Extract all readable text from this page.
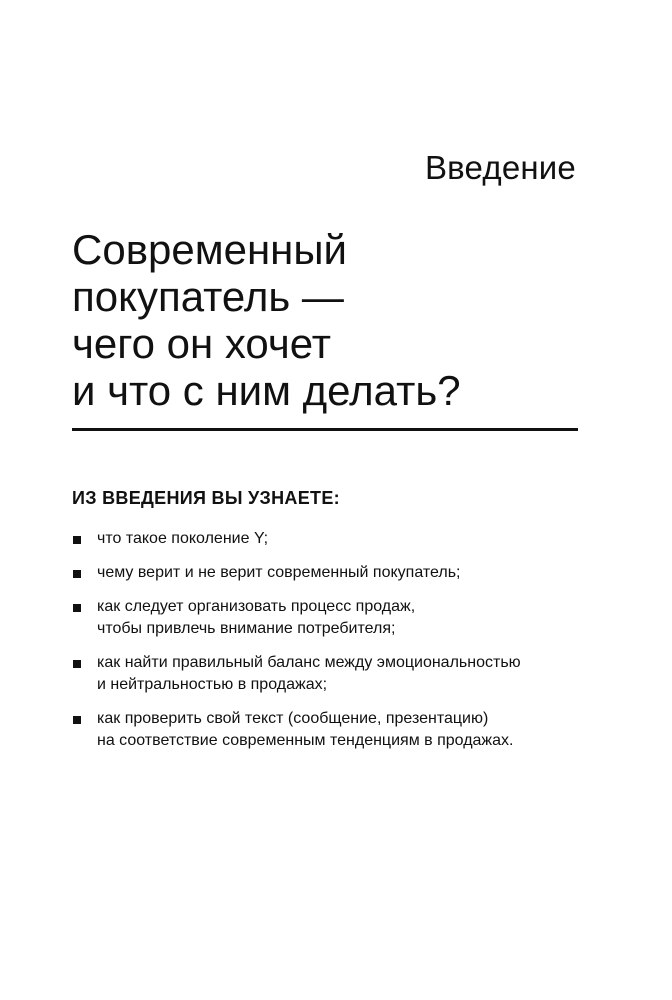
Введение
Современный
покупатель —
чего он хочет
и что с ним делать?
ИЗ ВВЕДЕНИЯ ВЫ УЗНАЕТЕ:
что такое поколение Y;
чему верит и не верит современный покупатель;
как следует организовать процесс продаж,
чтобы привлечь внимание потребителя;
как найти правильный баланс между эмоциональностью
и нейтральностью в продажах;
как проверить свой текст (сообщение, презентацию)
на соответствие современным тенденциям в продажах.
